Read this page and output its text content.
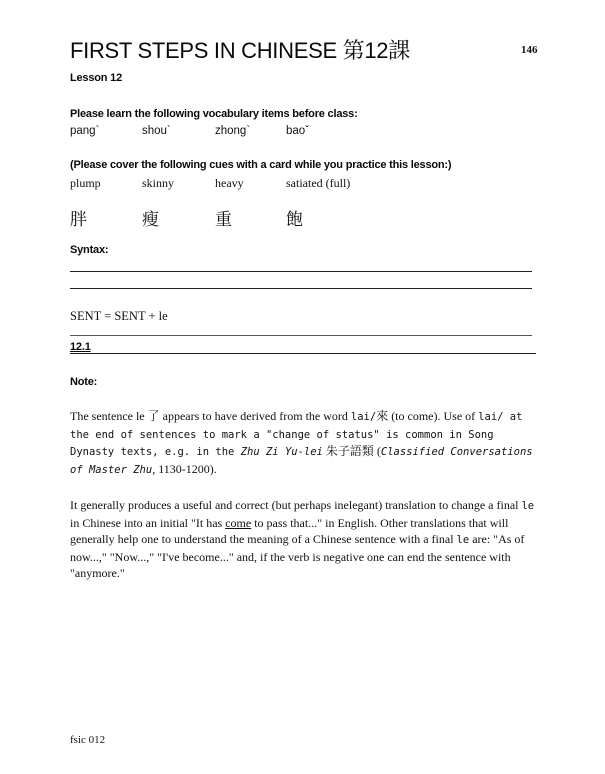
FIRST STEPS IN CHINESE 第12課	146
Lesson 12
Please learn the following vocabulary items before class:
pang`	shou`	zhong`	baoˇ
(Please cover the following cues with a card while you practice this lesson:)
plump	skinny	heavy	satiated (full)
胖	瘦	重	飽
Syntax:
SENT = SENT + le
12.1
Note:
The sentence le 了 appears to have derived from the word lai/來 (to come). Use of lai/ at the end of sentences to mark a "change of status" is common in Song Dynasty texts, e.g. in the Zhu Zi Yu-lei 朱子語類 (Classified Conversations of Master Zhu, 1130-1200).
It generally produces a useful and correct (but perhaps inelegant) translation to change a final le in Chinese into an initial "It has come to pass that..." in English. Other translations that will generally help one to understand the meaning of a Chinese sentence with a final le are: "As of now...," "Now...," "I've become..." and, if the verb is negative one can end the sentence with "anymore."
fsic 012
